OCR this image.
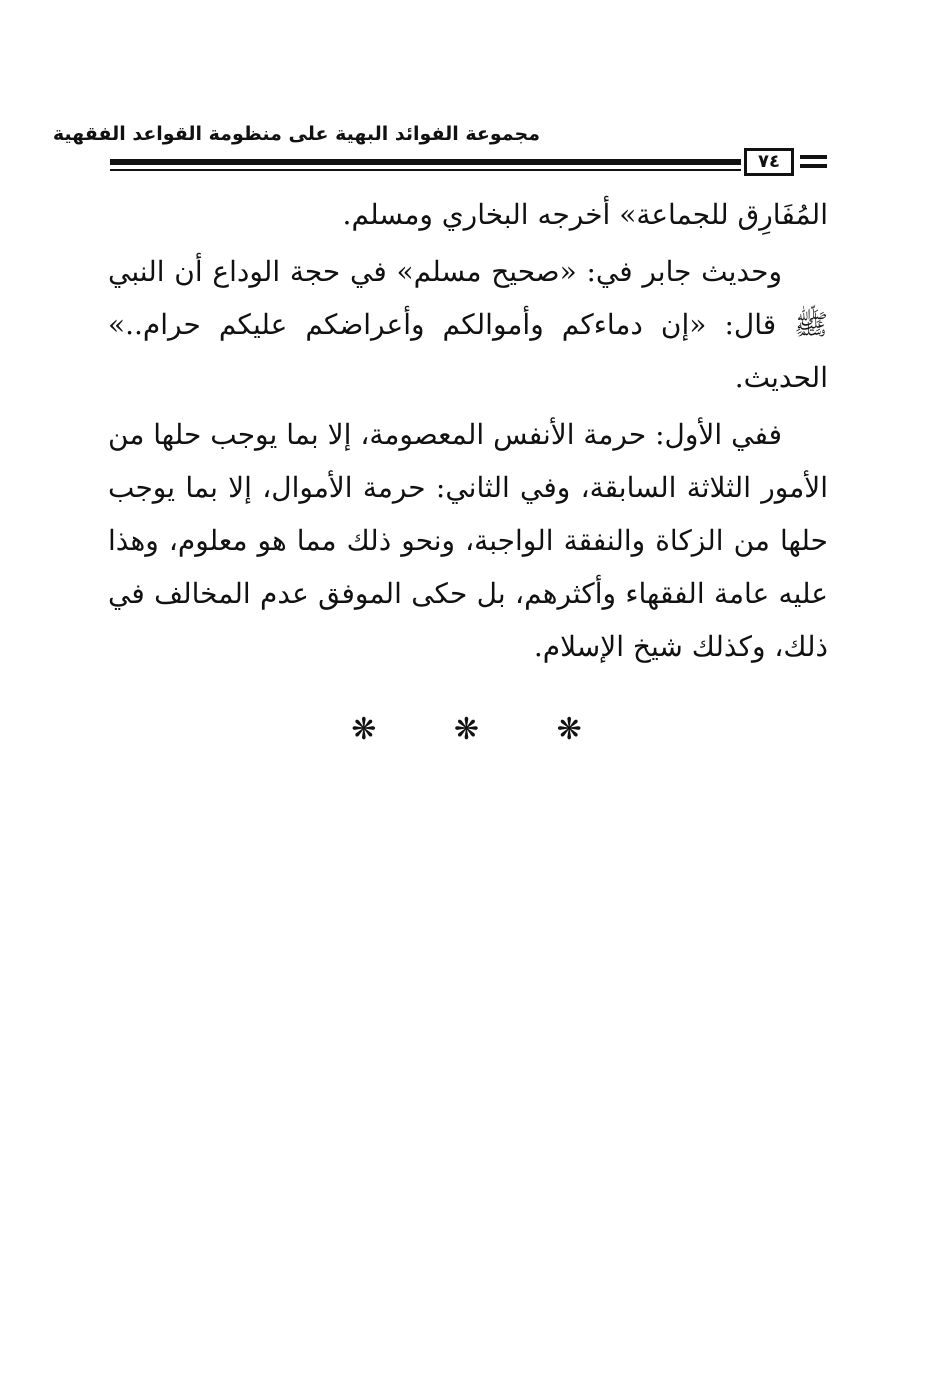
مجموعة الفوائد البهية على منظومة القواعد الفقهية
٧٤

المُفَارِق للجماعة» أخرجه البخاري ومسلم.

وحديث جابر في: «صحيح مسلم» في حجة الوداع أن النبي ﷺ قال: «إن دماءكم وأموالكم وأعراضكم عليكم حرام..» الحديث.

ففي الأول: حرمة الأنفس المعصومة، إلا بما يوجب حلها من الأمور الثلاثة السابقة، وفي الثاني: حرمة الأموال، إلا بما يوجب حلها من الزكاة والنفقة الواجبة، ونحو ذلك مما هو معلوم، وهذا عليه عامة الفقهاء وأكثرهم، بل حكى الموفق عدم المخالف في ذلك، وكذلك شيخ الإسلام.

❋ ❋ ❋
